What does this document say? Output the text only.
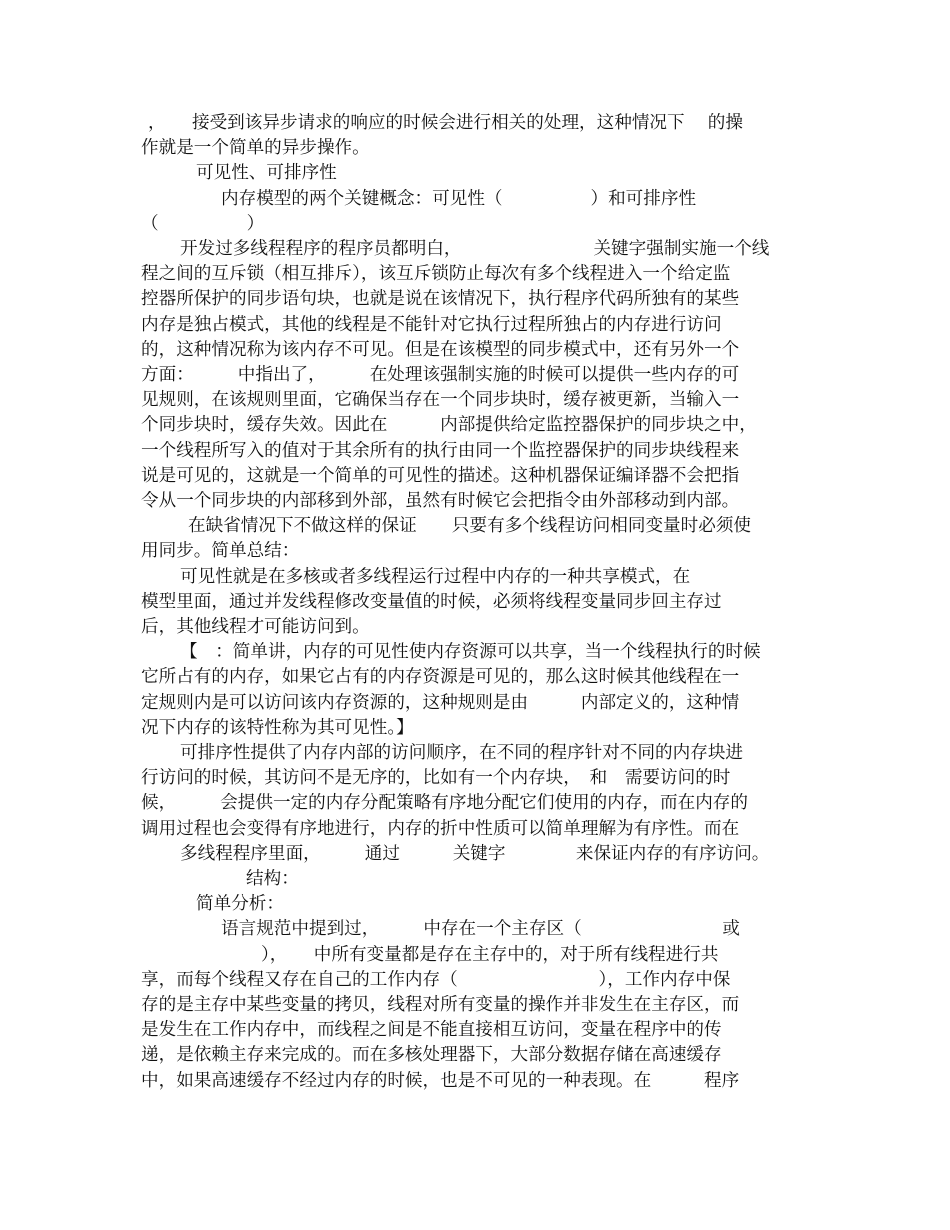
，　　接受到该异步请求的响应的时候会进行相关的处理，这种情况下　 的操
作就是一个简单的异步操作。
可见性、可排序性
内存模型的两个关键概念：可见性（　　　　　）和可排序性
（　　　　　）
开发过多线程程序的程序员都明白，　　　　　　　　关键字强制实施一个线
程之间的互斥锁（相互排斥），该互斥锁防止每次有多个线程进入一个给定监
控器所保护的同步语句块，也就是说在该情况下，执行程序代码所独有的某些
内存是独占模式，其他的线程是不能针对它执行过程所独占的内存进行访问
的，这种情况称为该内存不可见。但是在该模型的同步模式中，还有另外一个
方面：　　　中指出了，　　　在处理该强制实施的时候可以提供一些内存的可
见规则，在该规则里面，它确保当存在一个同步块时，缓存被更新，当输入一
个同步块时，缓存失效。因此在　　　内部提供给定监控器保护的同步块之中，
一个线程所写入的值对于其余所有的执行由同一个监控器保护的同步块线程来
说是可见的，这就是一个简单的可见性的描述。这种机器保证编译器不会把指
令从一个同步块的内部移到外部，虽然有时候它会把指令由外部移动到内部。
在缺省情况下不做这样的保证　　只要有多个线程访问相同变量时必须使
用同步。简单总结：
可见性就是在多核或者多线程运行过程中内存的一种共享模式，在
模型里面，通过并发线程修改变量值的时候，必须将线程变量同步回主存过
后，其他线程才可能访问到。
【　：简单讲，内存的可见性使内存资源可以共享，当一个线程执行的时候
它所占有的内存，如果它占有的内存资源是可见的，那么这时候其他线程在一
定规则内是可以访问该内存资源的，这种规则是由　　　内部定义的，这种情
况下内存的该特性称为其可见性。】
可排序性提供了内存内部的访问顺序，在不同的程序针对不同的内存块进
行访问的时候，其访问不是无序的，比如有一个内存块，　和　需要访问的时
候，　　　会提供一定的内存分配策略有序地分配它们使用的内存，而在内存的
调用过程也会变得有序地进行，内存的折中性质可以简单理解为有序性。而在
多线程程序里面，　　　通过　　　关键字　　　　来保证内存的有序访问。
结构：
简单分析：
语言规范中提到过，　　　中存在一个主存区（　　　　　　　　或
），　　中所有变量都是存在主存中的，对于所有线程进行共
享，而每个线程又存在自己的工作内存（　　　　　　　　），工作内存中保
存的是主存中某些变量的拷贝，线程对所有变量的操作并非发生在主存区，而
是发生在工作内存中，而线程之间是不能直接相互访问，变量在程序中的传
递，是依赖主存来完成的。而在多核处理器下，大部分数据存储在高速缓存
中，如果高速缓存不经过内存的时候，也是不可见的一种表现。在　　　程序
